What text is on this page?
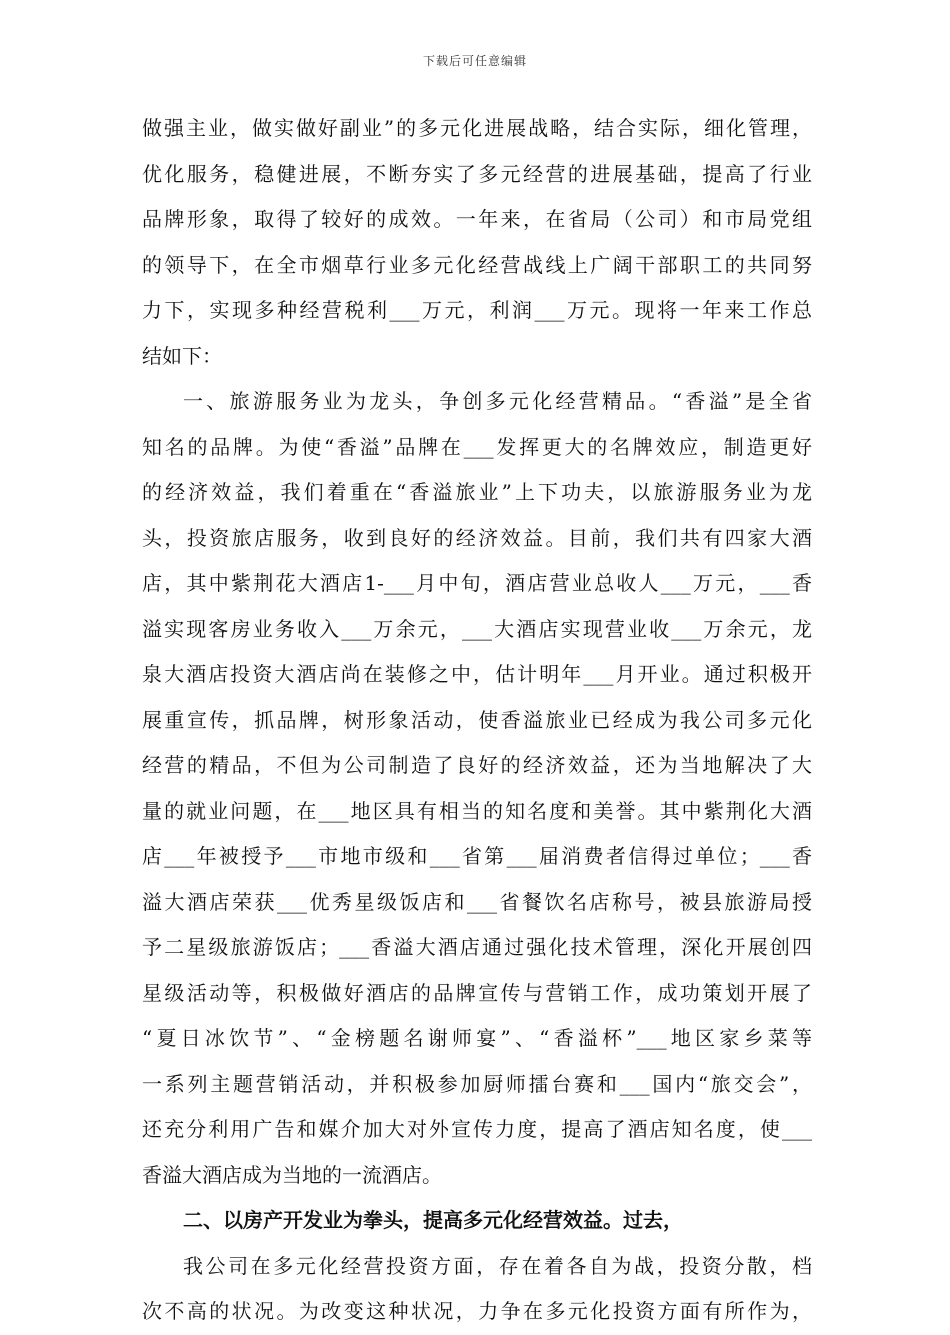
下载后可任意编辑
做强主业，做实做好副业”的多元化进展战略，结合实际，细化管理，
优化服务，稳健进展，不断夯实了多元经营的进展基础，提高了行业
品牌形象，取得了较好的成效。一年来，在省局（公司）和市局党组
的领导下，在全市烟草行业多元化经营战线上广阔干部职工的共同努
力下，实现多种经营税利___万元，利润___万元。现将一年来工作总
结如下：
一、旅游服务业为龙头，争创多元化经营精品。“香溢”是全省
知名的品牌。为使“香溢”品牌在___发挥更大的名牌效应，制造更好
的经济效益，我们着重在“香溢旅业”上下功夫，以旅游服务业为龙
头，投资旅店服务，收到良好的经济效益。目前，我们共有四家大酒
店，其中紫荆花大酒店1-___月中旬，酒店营业总收人___万元，___香
溢实现客房业务收入___万余元，___大酒店实现营业收___万余元，龙
泉大酒店投资大酒店尚在装修之中，估计明年___月开业。通过积极开
展重宣传，抓品牌，树形象活动，使香溢旅业已经成为我公司多元化
经营的精品，不但为公司制造了良好的经济效益，还为当地解决了大
量的就业问题，在___地区具有相当的知名度和美誉。其中紫荆化大酒
店___年被授予___市地市级和___省第___届消费者信得过单位；___香
溢大酒店荣获___优秀星级饭店和___省餐饮名店称号，被县旅游局授
予二星级旅游饭店；___香溢大酒店通过强化技术管理，深化开展创四
星级活动等，积极做好酒店的品牌宣传与营销工作，成功策划开展了
“夏日冰饮节”、“金榜题名谢师宴”、“香溢杯”___地区家乡菜等
一系列主题营销活动，并积极参加厨师擂台赛和___国内“旅交会”，
还充分利用广告和媒介加大对外宣传力度，提高了酒店知名度，使___
香溢大酒店成为当地的一流酒店。
二、以房产开发业为拳头，提高多元化经营效益。过去，
我公司在多元化经营投资方面，存在着各自为战，投资分散，档
次不高的状况。为改变这种状况，力争在多元化投资方面有所作为，
